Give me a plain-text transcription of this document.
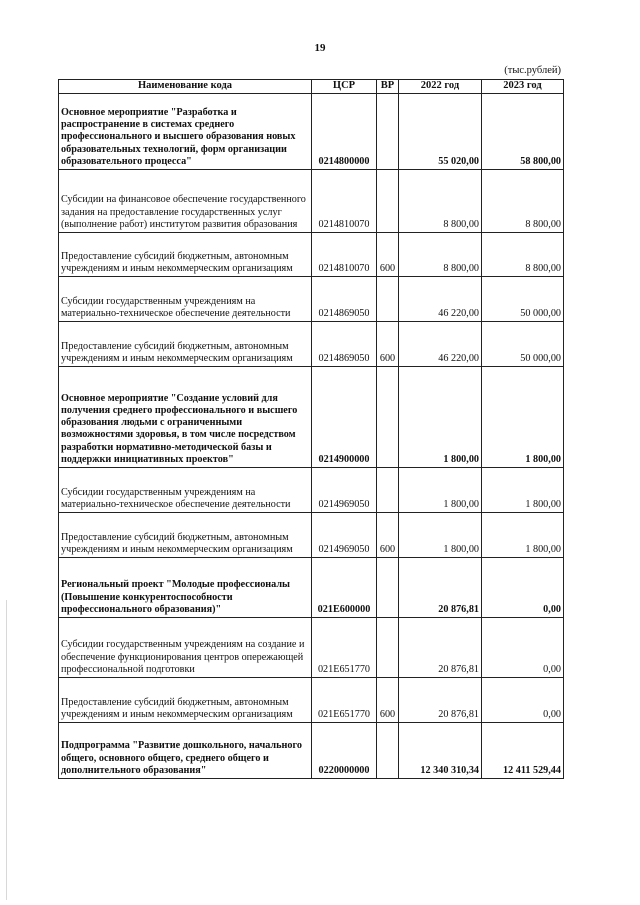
19
(тыс.рублей)
Наименование кода	ЦСР	ВР	2022 год	2023 год
Основное мероприятие "Разработка и распространение в системах среднего профессионального и высшего образования новых образовательных технологий, форм организации образовательного процесса"	0214800000		55 020,00	58 800,00
Субсидии на финансовое обеспечение государственного задания на предоставление государственных услуг (выполнение работ) институтом развития образования	0214810070		8 800,00	8 800,00
Предоставление субсидий бюджетным, автономным учреждениям и иным некоммерческим организациям	0214810070	600	8 800,00	8 800,00
Субсидии государственным учреждениям на материально-техническое обеспечение деятельности	0214869050		46 220,00	50 000,00
Предоставление субсидий бюджетным, автономным учреждениям и иным некоммерческим организациям	0214869050	600	46 220,00	50 000,00
Основное мероприятие "Создание условий для получения среднего профессионального и высшего образования людьми с ограниченными возможностями здоровья, в том числе посредством разработки нормативно-методической базы и поддержки инициативных проектов"	0214900000		1 800,00	1 800,00
Субсидии государственным учреждениям на материально-техническое обеспечение деятельности	0214969050		1 800,00	1 800,00
Предоставление субсидий бюджетным, автономным учреждениям и иным некоммерческим организациям	0214969050	600	1 800,00	1 800,00
Региональный проект "Молодые профессионалы (Повышение конкурентоспособности профессионального образования)"	021E600000		20 876,81	0,00
Субсидии государственным учреждениям на создание и обеспечение функционирования центров опережающей профессиональной подготовки	021E651770		20 876,81	0,00
Предоставление субсидий бюджетным, автономным учреждениям и иным некоммерческим организациям	021E651770	600	20 876,81	0,00
Подпрограмма "Развитие дошкольного, начального общего, основного общего, среднего общего и дополнительного образования"	0220000000		12 340 310,34	12 411 529,44
